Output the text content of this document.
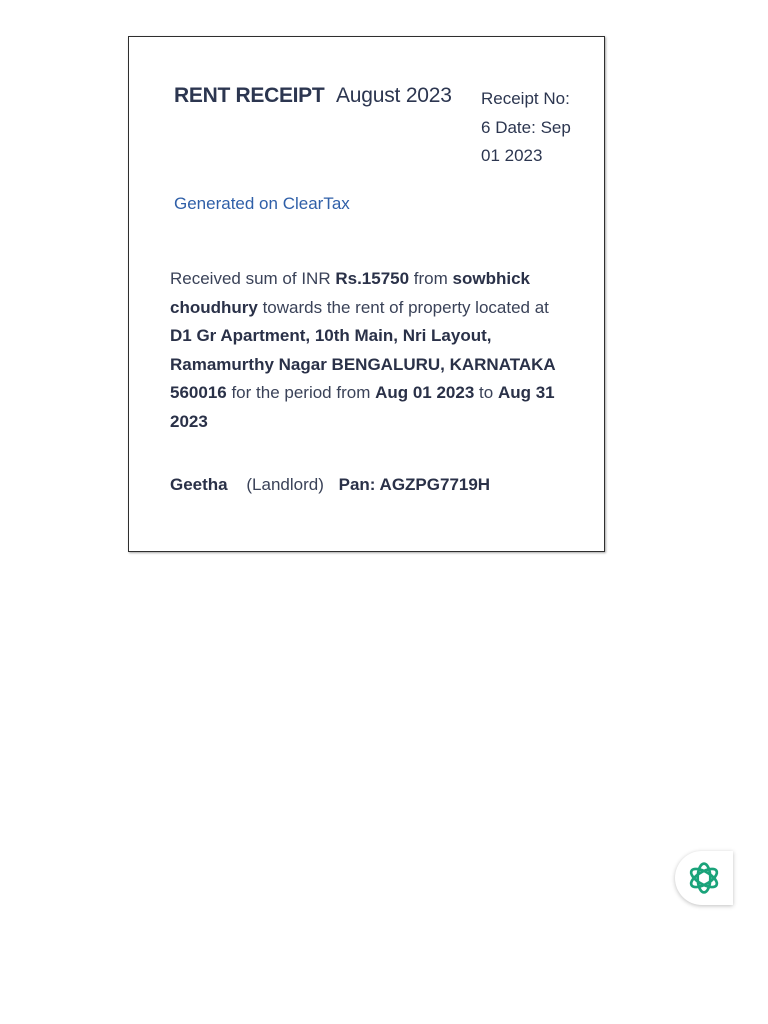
RENT RECEIPT August 2023 Receipt No: 6 Date: Sep 01 2023
Generated on ClearTax
Received sum of INR Rs.15750 from sowbhick choudhury towards the rent of property located at D1 Gr Apartment, 10th Main, Nri Layout, Ramamurthy Nagar BENGALURU, KARNATAKA 560016 for the period from Aug 01 2023 to Aug 31 2023
Geetha (Landlord) Pan: AGZPG7719H
